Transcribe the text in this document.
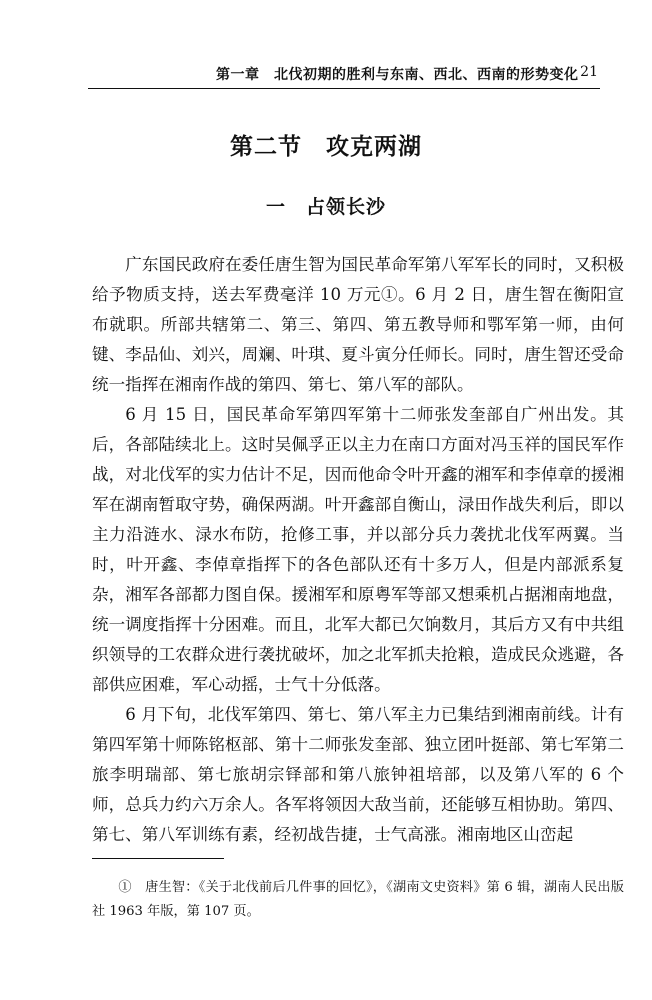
第一章　北伐初期的胜利与东南、西北、西南的形势变化 21
第二节　攻克两湖
一　占领长沙

广东国民政府在委任唐生智为国民革命军第八军军长的同时，又积极给予物质支持，送去军费毫洋 10 万元①。6 月 2 日，唐生智在衡阳宣布就职。所部共辖第二、第三、第四、第五教导师和鄂军第一师，由何键、李品仙、刘兴，周斓、叶琪、夏斗寅分任师长。同时，唐生智还受命统一指挥在湘南作战的第四、第七、第八军的部队。

6 月 15 日，国民革命军第四军第十二师张发奎部自广州出发。其后，各部陆续北上。这时吴佩孚正以主力在南口方面对冯玉祥的国民军作战，对北伐军的实力估计不足，因而他命令叶开鑫的湘军和李倬章的援湘军在湖南暂取守势，确保两湖。叶开鑫部自衡山，渌田作战失利后，即以主力沿涟水、渌水布防，抢修工事，并以部分兵力袭扰北伐军两翼。当时，叶开鑫、李倬章指挥下的各色部队还有十多万人，但是内部派系复杂，湘军各部都力图自保。援湘军和原粤军等部又想乘机占据湘南地盘，统一调度指挥十分困难。而且，北军大都已欠饷数月，其后方又有中共组织领导的工农群众进行袭扰破坏，加之北军抓夫抢粮，造成民众逃避，各部供应困难，军心动摇，士气十分低落。

6 月下旬，北伐军第四、第七、第八军主力已集结到湘南前线。计有第四军第十师陈铭枢部、第十二师张发奎部、独立团叶挺部、第七军第二旅李明瑞部、第七旅胡宗铎部和第八旅钟祖培部，以及第八军的 6 个师，总兵力约六万余人。各军将领因大敌当前，还能够互相协助。第四、第七、第八军训练有素，经初战告捷，士气高涨。湘南地区山峦起

①　唐生智：《关于北伐前后几件事的回忆》，《湖南文史资料》第 6 辑，湖南人民出版社 1963 年版，第 107 页。
